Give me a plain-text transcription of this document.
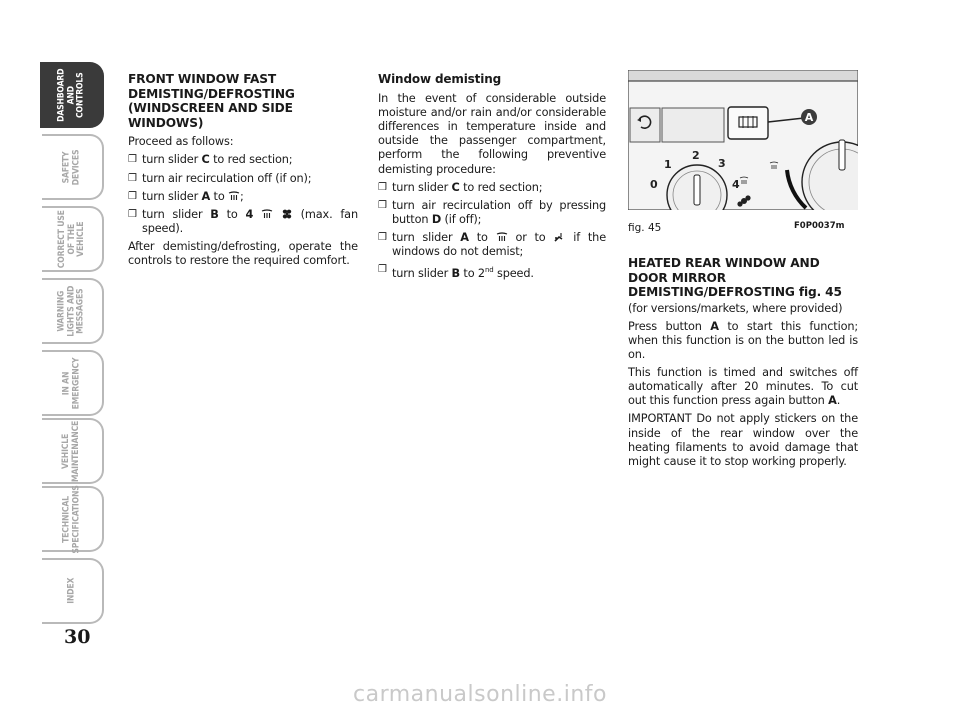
DASHBOARD
AND
CONTROLS
SAFETY
DEVICES
CORRECT USE
OF THE VEHICLE
WARNING
LIGHTS AND
MESSAGES
IN AN
EMERGENCY
VEHICLE
MAINTENANCE
TECHNICAL
SPECIFICATIONS
INDEX
30
FRONT WINDOW FAST DEMISTING/DEFROSTING (WINDSCREEN AND SIDE WINDOWS)

Proceed as follows:

❒ turn slider C to red section;
❒ turn air recirculation off (if on);
❒ turn slider A to ;
❒ turn slider B to 4	(max. fan speed).

After demisting/defrosting, operate the controls to restore the required comfort.

Window demisting

In the event of considerable outside moisture and/or rain and/or considerable differences in temperature inside and outside the passenger compartment, perform the following preventive demisting procedure:

❒ turn slider C to red section;
❒ turn air recirculation off by pressing button D (if off);
❒ turn slider A to  or to  if the windows do not demist;
❒ turn slider B to 2nd speed.
A
0
1
2
3
4
fig. 45	F0P0037m
HEATED REAR WINDOW AND DOOR MIRROR DEMISTING/DEFROSTING fig. 45

(for versions/markets, where provided)

Press button A to start this function; when this function is on the button led is on.

This function is timed and switches off automatically after 20 minutes. To cut out this function press again button A.

IMPORTANT Do not apply stickers on the inside of the rear window over the heating filaments to avoid damage that might cause it to stop working properly.

carmanualsonline.info
